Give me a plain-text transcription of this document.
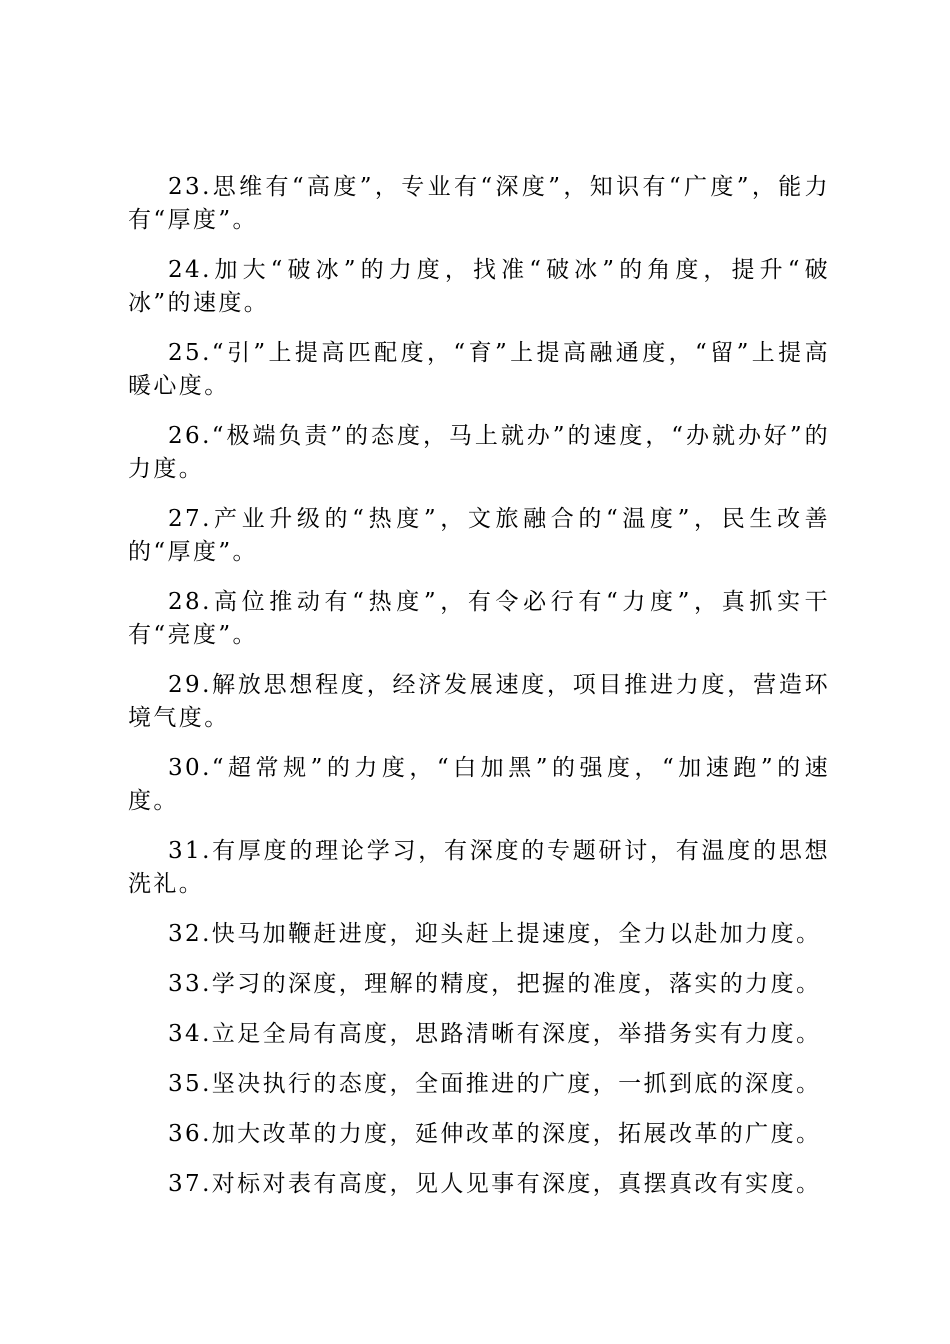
23.思维有“高度”，专业有“深度”，知识有“广度”，能力有“厚度”。

24.加大“破冰”的力度，找准“破冰”的角度，提升“破冰”的速度。

25.“引”上提高匹配度，“育”上提高融通度，“留”上提高暖心度。

26.“极端负责”的态度，马上就办”的速度，“办就办好”的力度。

27.产业升级的“热度”，文旅融合的“温度”，民生改善的“厚度”。

28.高位推动有“热度”，有令必行有“力度”，真抓实干有“亮度”。

29.解放思想程度，经济发展速度，项目推进力度，营造环境气度。

30.“超常规”的力度，“白加黑”的强度，“加速跑”的速度。

31.有厚度的理论学习，有深度的专题研讨，有温度的思想洗礼。

32.快马加鞭赶进度，迎头赶上提速度，全力以赴加力度。

33.学习的深度，理解的精度，把握的准度，落实的力度。

34.立足全局有高度，思路清晰有深度，举措务实有力度。

35.坚决执行的态度，全面推进的广度，一抓到底的深度。

36.加大改革的力度，延伸改革的深度，拓展改革的广度。

37.对标对表有高度，见人见事有深度，真摆真改有实度。
